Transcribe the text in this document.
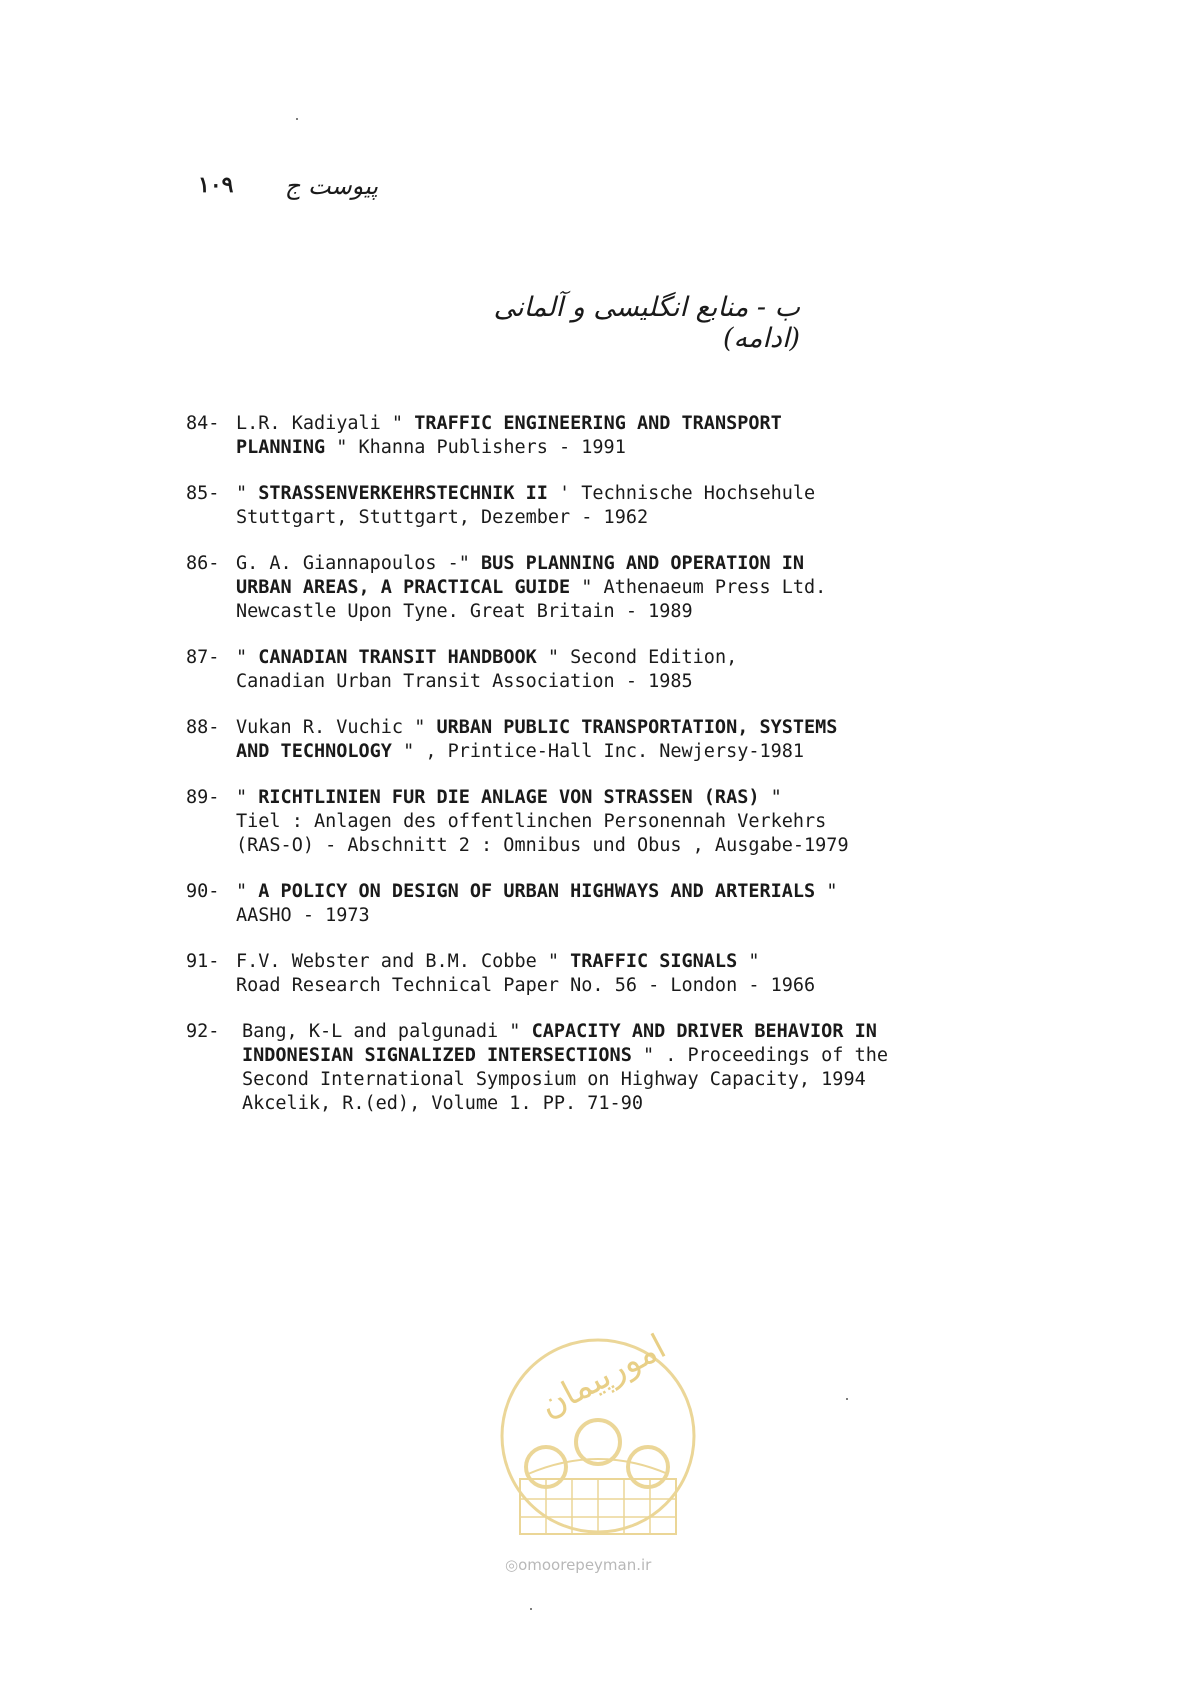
پیوست ج
۱۰۹
ب - منابع انگلیسی و آلمانی (ادامه)
84- L.R. Kadiyali " TRAFFIC ENGINEERING AND TRANSPORT
PLANNING " Khanna Publishers - 1991
85- " STRASSENVERKEHRSTECHNIK II ' Technische Hochsehule
Stuttgart, Stuttgart, Dezember - 1962
86- G. A. Giannapoulos -" BUS PLANNING AND OPERATION IN
URBAN AREAS, A PRACTICAL GUIDE " Athenaeum Press Ltd.
Newcastle Upon Tyne. Great Britain - 1989
87- " CANADIAN TRANSIT HANDBOOK " Second Edition,
Canadian Urban Transit Association - 1985
88- Vukan R. Vuchic " URBAN PUBLIC TRANSPORTATION, SYSTEMS
AND TECHNOLOGY " , Printice-Hall Inc. Newjersy-1981
89- " RICHTLINIEN FUR DIE ANLAGE VON STRASSEN (RAS) "
Tiel : Anlagen des offentlinchen Personennah Verkehrs
(RAS-O) - Abschnitt 2 : Omnibus und Obus , Ausgabe-1979
90- " A POLICY ON DESIGN OF URBAN HIGHWAYS AND ARTERIALS "
AASHO - 1973
91- F.V. Webster and B.M. Cobbe " TRAFFIC SIGNALS "
Road Research Technical Paper No. 56 - London - 1966
92-	Bang, K-L and palgunadi " CAPACITY AND DRIVER BEHAVIOR IN
INDONESIAN SIGNALIZED INTERSECTIONS " . Proceedings of the
Second International Symposium on Highway Capacity, 1994
Akcelik, R.(ed), Volume 1. PP. 71-90
امورپیمان
◎omoorepeyman.ir
